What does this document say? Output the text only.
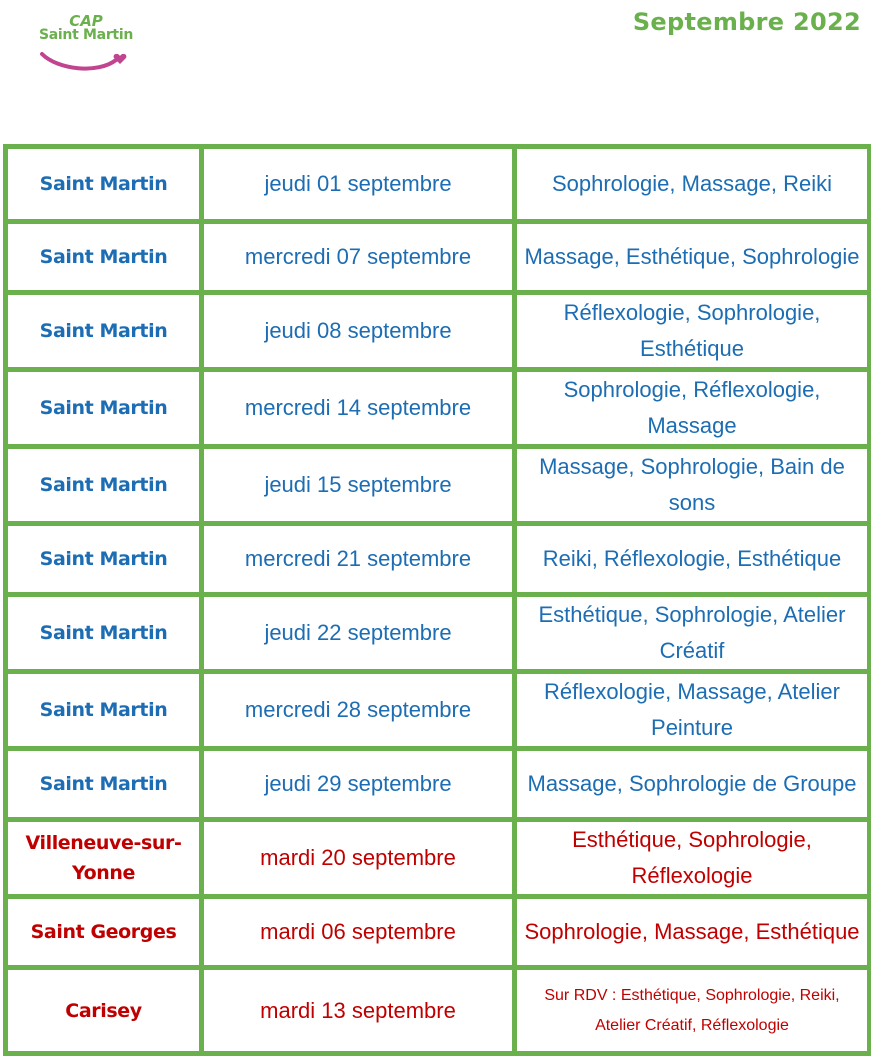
CAP
Saint Martin	Septembre 2022
Saint Martin	jeudi 01 septembre	Sophrologie, Massage, Reiki
Saint Martin	mercredi 07 septembre	Massage, Esthétique, Sophrologie
Saint Martin	jeudi 08 septembre	Réflexologie, Sophrologie, Esthétique
Saint Martin	mercredi 14 septembre	Sophrologie, Réflexologie, Massage
Saint Martin	jeudi 15 septembre	Massage, Sophrologie, Bain de sons
Saint Martin	mercredi 21 septembre	Reiki, Réflexologie, Esthétique
Saint Martin	jeudi 22 septembre	Esthétique, Sophrologie, Atelier Créatif
Saint Martin	mercredi 28 septembre	Réflexologie, Massage, Atelier Peinture
Saint Martin	jeudi 29 septembre	Massage, Sophrologie de Groupe
Villeneuve-sur-Yonne	mardi 20 septembre	Esthétique, Sophrologie, Réflexologie
Saint Georges	mardi 06 septembre	Sophrologie, Massage, Esthétique
Carisey	mardi 13 septembre	Sur RDV : Esthétique, Sophrologie, Reiki, Atelier Créatif, Réflexologie
